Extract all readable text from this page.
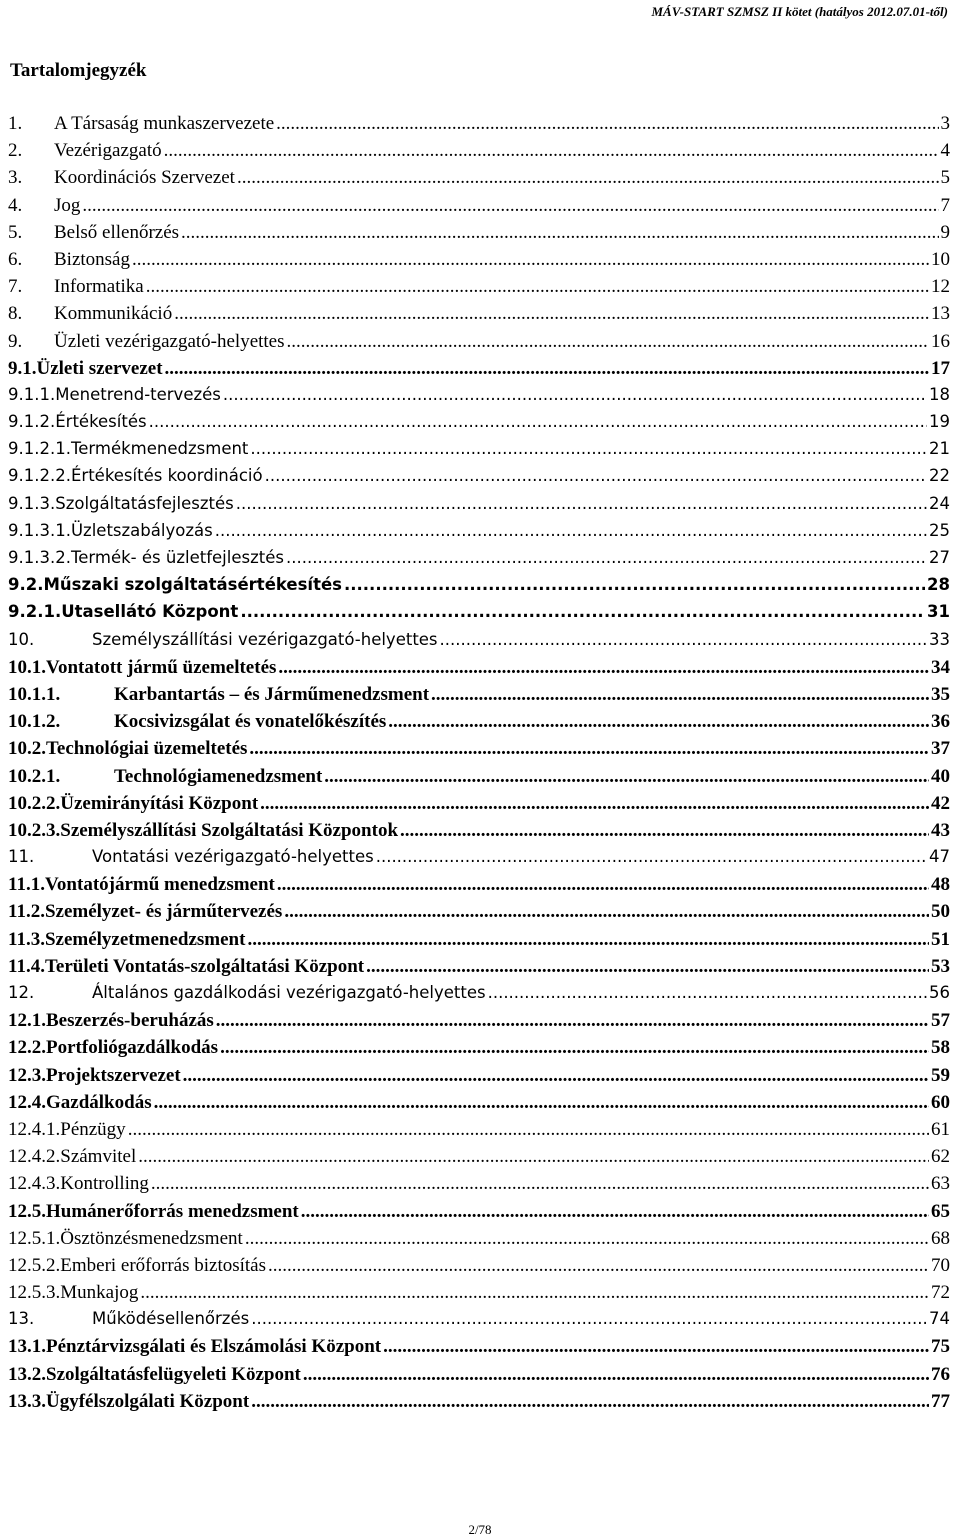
MÁV-START SZMSZ II kötet (hatályos 2012.07.01-től)
Tartalomjegyzék
1.	A Társaság munkaszervezete .....	3
2.	Vezérigazgató .....	4
3.	Koordinációs Szervezet .....	5
4.	Jog .....	7
5.	Belső ellenőrzés .....	9
6.	Biztonság .....	10
7.	Informatika .....	12
8.	Kommunikáció .....	13
9.	Üzleti vezérigazgató-helyettes .....	16
9.1. Üzleti szervezet .....	17
9.1.1. Menetrend-tervezés .....	18
9.1.2. Értékesítés .....	19
9.1.2.1. Termékmenedzsment .....	21
9.1.2.2. Értékesítés koordináció .....	22
9.1.3. Szolgáltatásfejlesztés .....	24
9.1.3.1. Üzletszabályozás .....	25
9.1.3.2. Termék- és üzletfejlesztés .....	27
9.2. Műszaki szolgáltatásértékesítés .....	28
9.2.1. Utasellátó Központ .....	31
10.	Személyszállítási vezérigazgató-helyettes .....	33
10.1. Vontatott jármű üzemeltetés .....	34
10.1.1.	Karbantartás – és Járműmenedzsment .....	35
10.1.2.	Kocsivizsgálat és vonatelőkészítés .....	36
10.2. Technológiai üzemeltetés .....	37
10.2.1.	Technológiamenedzsment .....	40
10.2.2. Üzemirányítási Központ .....	42
10.2.3. Személyszállítási Szolgáltatási Központok .....	43
11.	Vontatási vezérigazgató-helyettes .....	47
11.1. Vontatójármű menedzsment .....	48
11.2. Személyzet- és járműtervezés .....	50
11.3. Személyzetmenedzsment .....	51
11.4. Területi Vontatás-szolgáltatási Központ .....	53
12.	Általános gazdálkodási vezérigazgató-helyettes .....	56
12.1. Beszerzés-beruházás .....	57
12.2. Portfoliógazdálkodás .....	58
12.3. Projektszervezet .....	59
12.4. Gazdálkodás .....	60
12.4.1. Pénzügy .....	61
12.4.2. Számvitel .....	62
12.4.3. Kontrolling .....	63
12.5. Humánerőforrás menedzsment .....	65
12.5.1. Ösztönzésmenedzsment .....	68
12.5.2. Emberi erőforrás biztosítás .....	70
12.5.3. Munkajog .....	72
13.	Működésellenőrzés .....	74
13.1. Pénztárvizsgálati és Elszámolási Központ .....	75
13.2. Szolgáltatásfelügyeleti Központ .....	76
13.3. Ügyfélszolgálati Központ .....	77
2/78
